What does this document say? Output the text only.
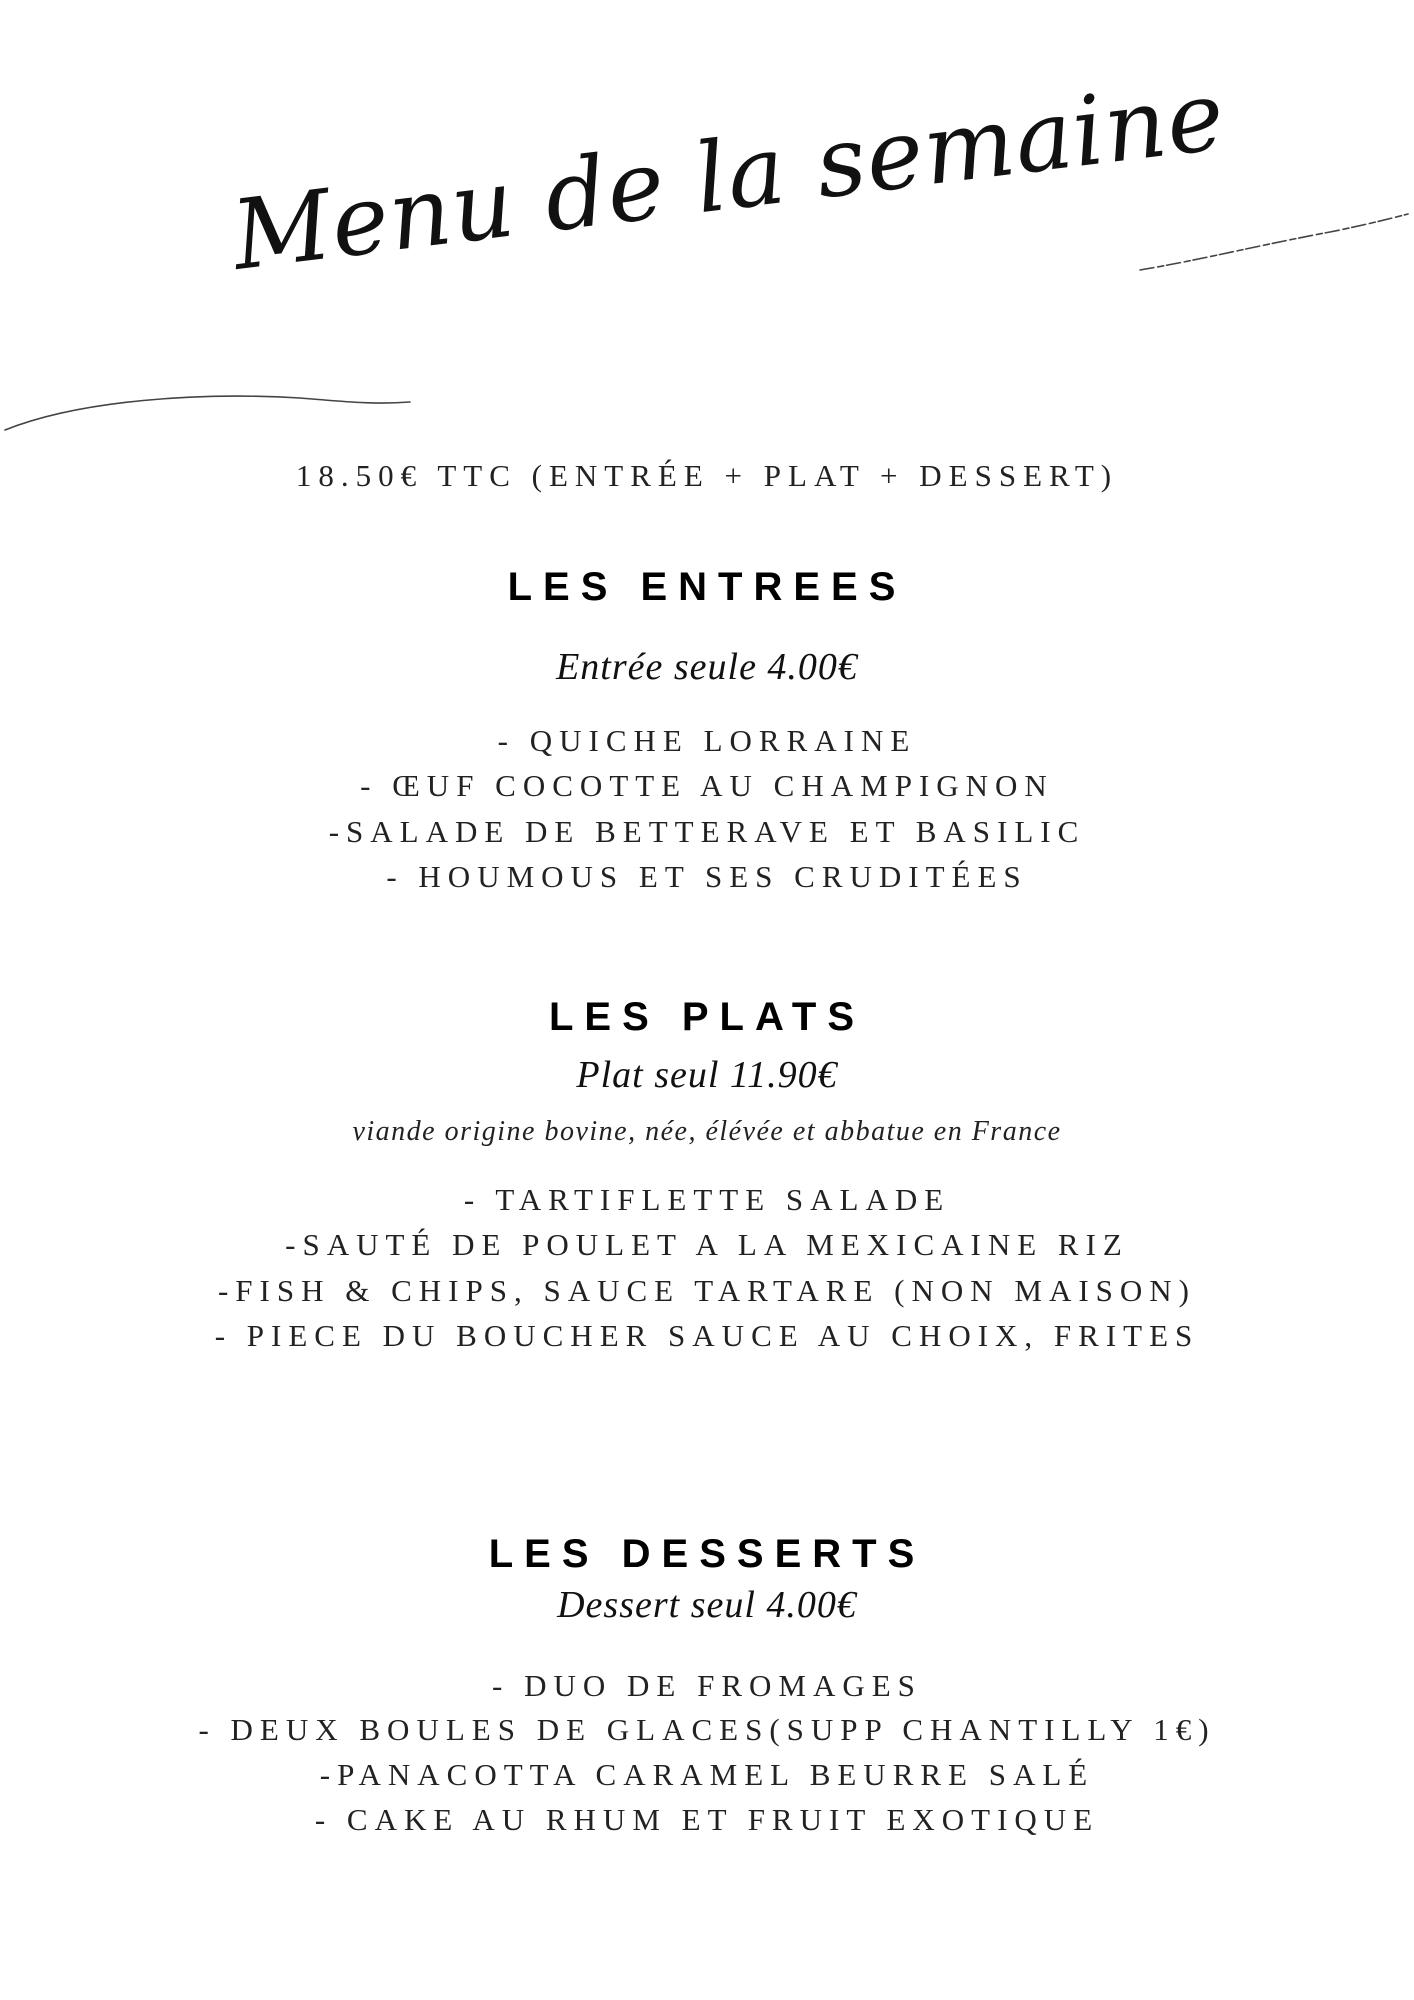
Menu de la semaine
18.50€ TTC (ENTRÉE + PLAT + DESSERT)
LES ENTREES
Entrée seule 4.00€
- QUICHE LORRAINE
- ŒUF COCOTTE AU CHAMPIGNON
-SALADE DE BETTERAVE ET BASILIC
- HOUMOUS ET SES CRUDITÉES
LES PLATS
Plat seul 11.90€
viande origine bovine, née, élévée et abbatue en France
- TARTIFLETTE SALADE
-SAUTÉ DE POULET A LA MEXICAINE RIZ
-FISH & CHIPS, SAUCE TARTARE (NON MAISON)
- PIECE DU BOUCHER SAUCE AU CHOIX, FRITES
LES DESSERTS
Dessert seul 4.00€
- DUO DE FROMAGES
- DEUX BOULES DE GLACES(SUPP CHANTILLY 1€)
-PANACOTTA CARAMEL BEURRE SALÉ
- CAKE AU RHUM ET FRUIT EXOTIQUE
